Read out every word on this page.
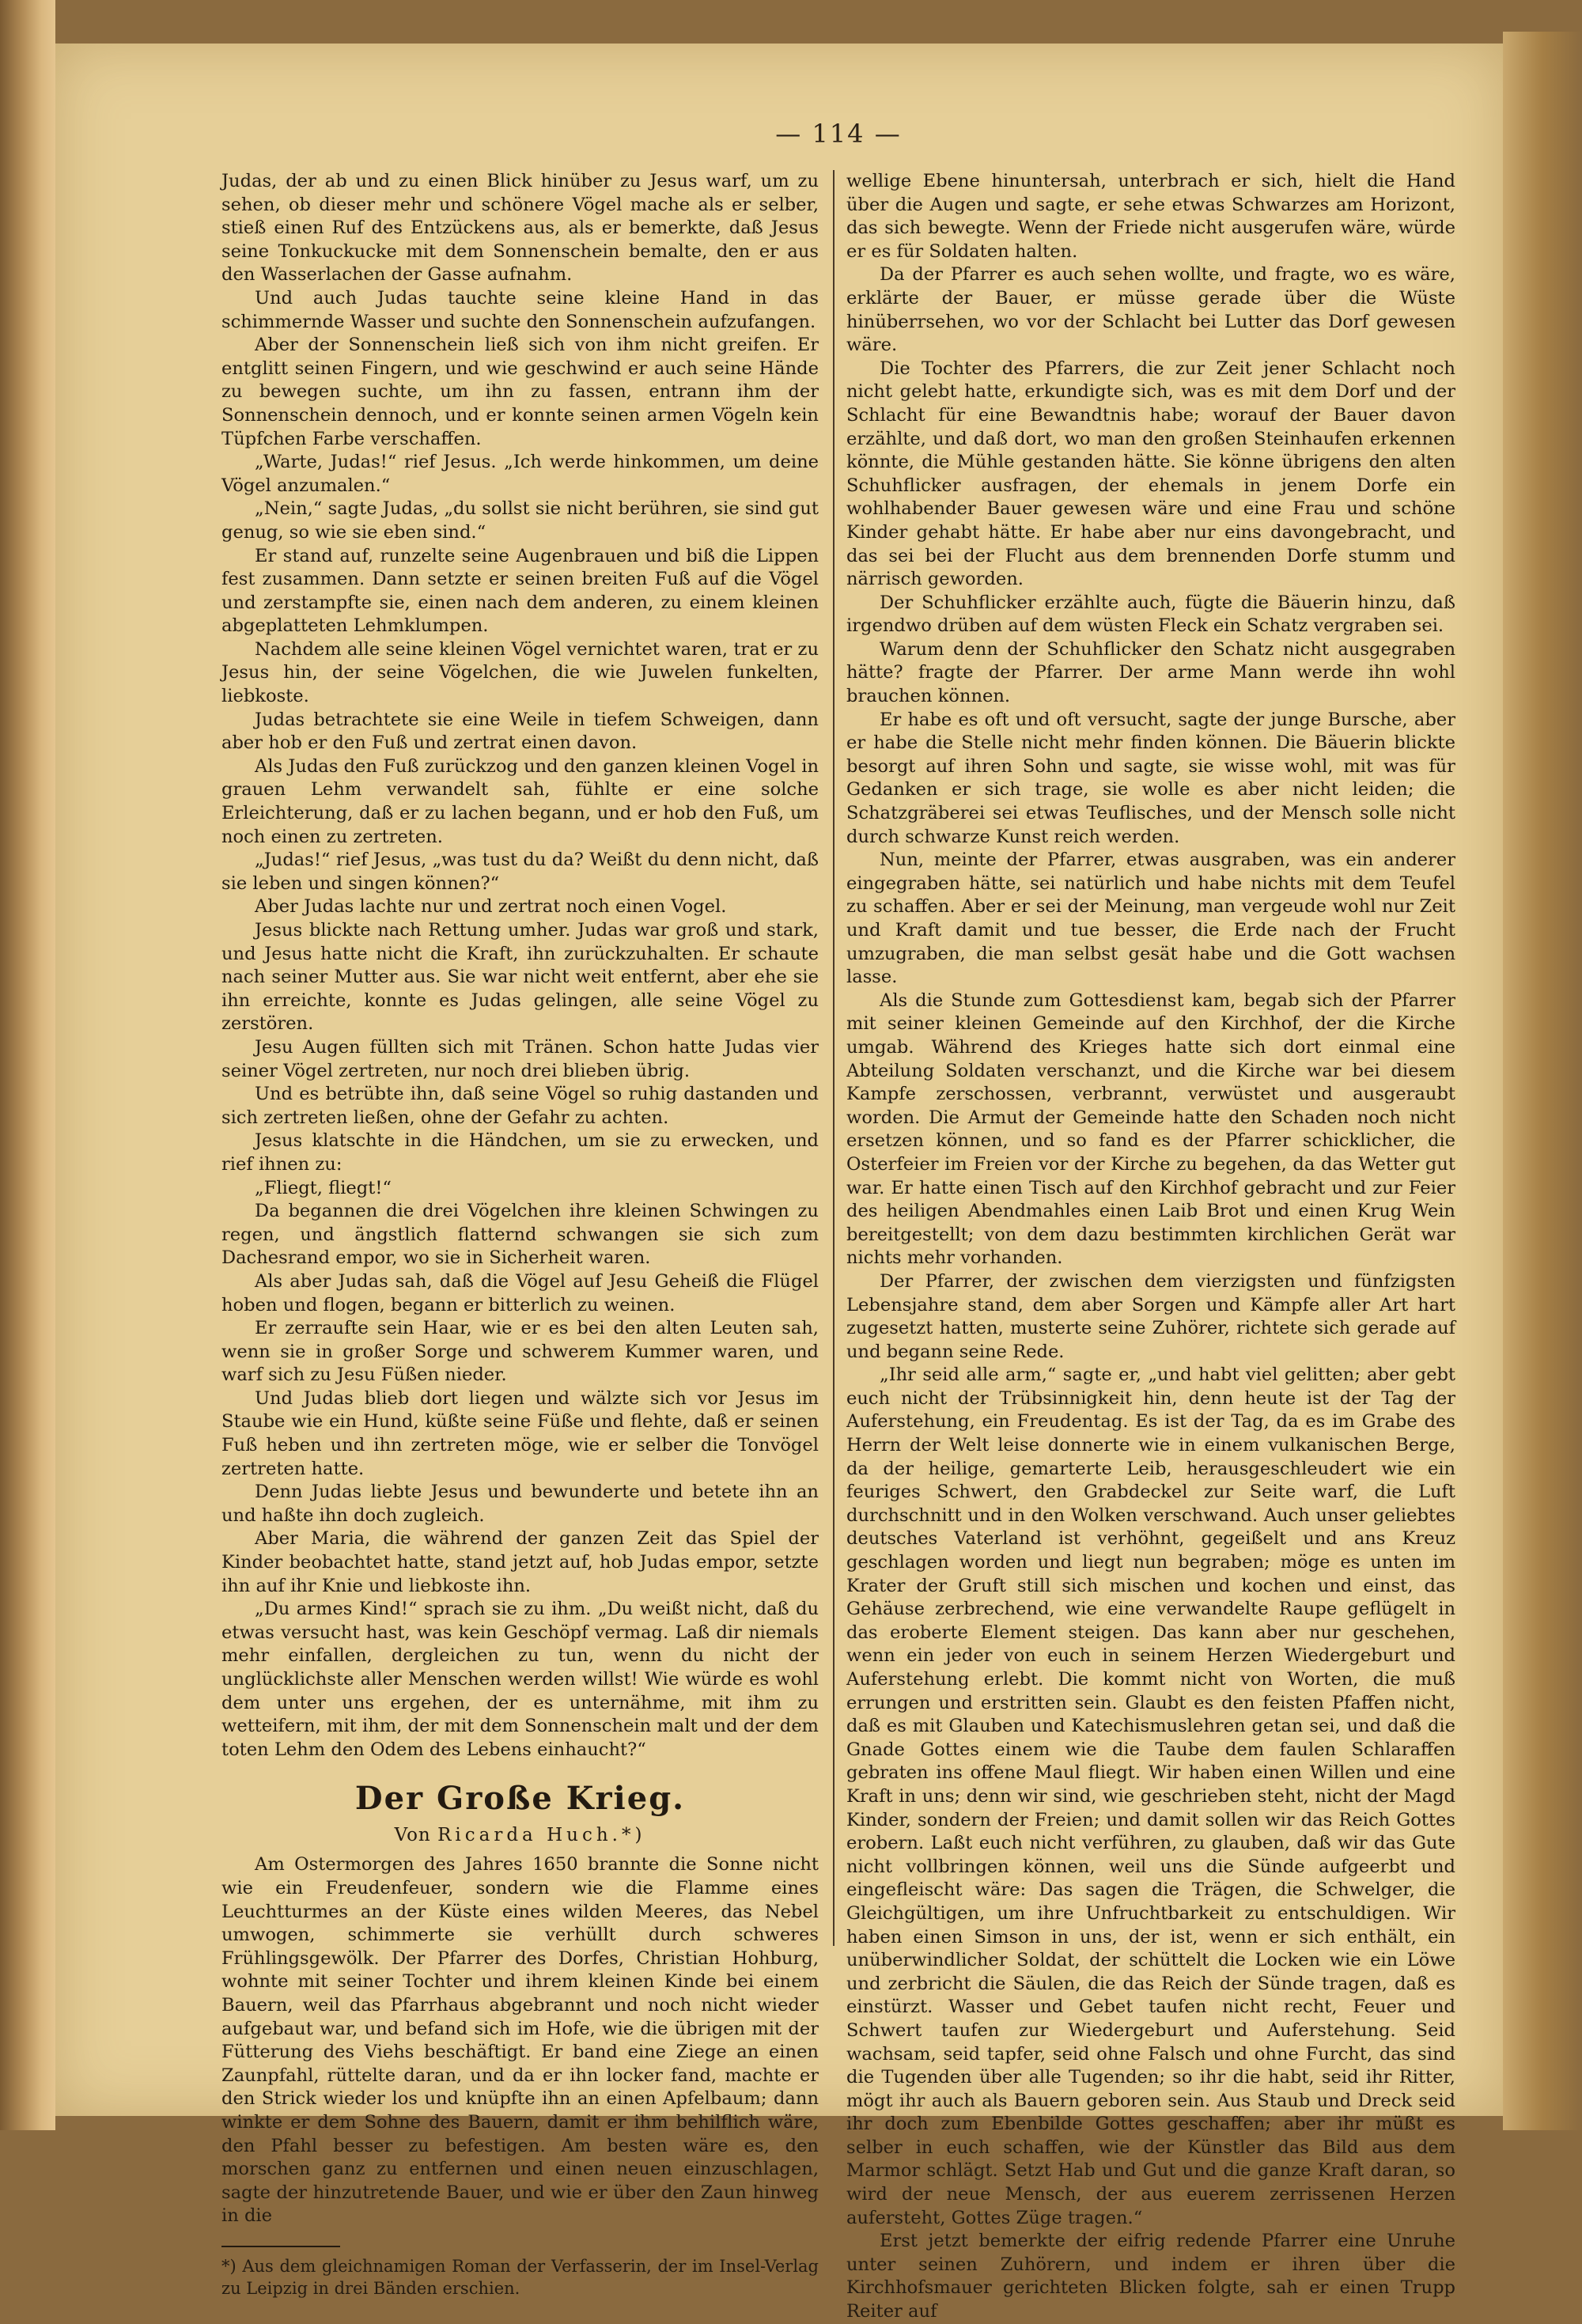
— 114 —

Judas, der ab und zu einen Blick hinüber zu Jesus warf, um zu sehen, ob dieser mehr und schönere Vögel mache als er selber, stieß einen Ruf des Entzückens aus, als er bemerkte, daß Jesus seine Tonkuckucke mit dem Sonnenschein bemalte, den er aus den Wasserlachen der Gasse aufnahm.

Und auch Judas tauchte seine kleine Hand in das schimmernde Wasser und suchte den Sonnenschein aufzufangen.

Aber der Sonnenschein ließ sich von ihm nicht greifen. Er entglitt seinen Fingern, und wie geschwind er auch seine Hände zu bewegen suchte, um ihn zu fassen, entrann ihm der Sonnenschein dennoch, und er konnte seinen armen Vögeln kein Tüpfchen Farbe verschaffen.

„Warte, Judas!“ rief Jesus. „Ich werde hinkommen, um deine Vögel anzumalen.“

„Nein,“ sagte Judas, „du sollst sie nicht berühren, sie sind gut genug, so wie sie eben sind.“

Er stand auf, runzelte seine Augenbrauen und biß die Lippen fest zusammen. Dann setzte er seinen breiten Fuß auf die Vögel und zerstampfte sie, einen nach dem anderen, zu einem kleinen abgeplatteten Lehmklumpen.

Nachdem alle seine kleinen Vögel vernichtet waren, trat er zu Jesus hin, der seine Vögelchen, die wie Juwelen funkelten, liebkoste.

Judas betrachtete sie eine Weile in tiefem Schweigen, dann aber hob er den Fuß und zertrat einen davon.

Als Judas den Fuß zurückzog und den ganzen kleinen Vogel in grauen Lehm verwandelt sah, fühlte er eine solche Erleichterung, daß er zu lachen begann, und er hob den Fuß, um noch einen zu zertreten.

„Judas!“ rief Jesus, „was tust du da? Weißt du denn nicht, daß sie leben und singen können?“

Aber Judas lachte nur und zertrat noch einen Vogel.

Jesus blickte nach Rettung umher. Judas war groß und stark, und Jesus hatte nicht die Kraft, ihn zurückzuhalten. Er schaute nach seiner Mutter aus. Sie war nicht weit entfernt, aber ehe sie ihn erreichte, konnte es Judas gelingen, alle seine Vögel zu zerstören.

Jesu Augen füllten sich mit Tränen. Schon hatte Judas vier seiner Vögel zertreten, nur noch drei blieben übrig.

Und es betrübte ihn, daß seine Vögel so ruhig dastanden und sich zertreten ließen, ohne der Gefahr zu achten.

Jesus klatschte in die Händchen, um sie zu erwecken, und rief ihnen zu:

„Fliegt, fliegt!“

Da begannen die drei Vögelchen ihre kleinen Schwingen zu regen, und ängstlich flatternd schwangen sie sich zum Dachesrand empor, wo sie in Sicherheit waren.

Als aber Judas sah, daß die Vögel auf Jesu Geheiß die Flügel hoben und flogen, begann er bitterlich zu weinen.

Er zerraufte sein Haar, wie er es bei den alten Leuten sah, wenn sie in großer Sorge und schwerem Kummer waren, und warf sich zu Jesu Füßen nieder.

Und Judas blieb dort liegen und wälzte sich vor Jesus im Staube wie ein Hund, küßte seine Füße und flehte, daß er seinen Fuß heben und ihn zertreten möge, wie er selber die Tonvögel zertreten hatte.

Denn Judas liebte Jesus und bewunderte und betete ihn an und haßte ihn doch zugleich.

Aber Maria, die während der ganzen Zeit das Spiel der Kinder beobachtet hatte, stand jetzt auf, hob Judas empor, setzte ihn auf ihr Knie und liebkoste ihn.

„Du armes Kind!“ sprach sie zu ihm. „Du weißt nicht, daß du etwas versucht hast, was kein Geschöpf vermag. Laß dir niemals mehr einfallen, dergleichen zu tun, wenn du nicht der unglücklichste aller Menschen werden willst! Wie würde es wohl dem unter uns ergehen, der es unternähme, mit ihm zu wetteifern, mit ihm, der mit dem Sonnenschein malt und der dem toten Lehm den Odem des Lebens einhaucht?“

Der Große Krieg.
Von Ricarda Huch.*)

Am Ostermorgen des Jahres 1650 brannte die Sonne nicht wie ein Freudenfeuer, sondern wie die Flamme eines Leuchtturmes an der Küste eines wilden Meeres, das Nebel umwogen, schimmerte sie verhüllt durch schweres Frühlingsgewölk. Der Pfarrer des Dorfes, Christian Hohburg, wohnte mit seiner Tochter und ihrem kleinen Kinde bei einem Bauern, weil das Pfarrhaus abgebrannt und noch nicht wieder aufgebaut war, und befand sich im Hofe, wie die übrigen mit der Fütterung des Viehs beschäftigt. Er band eine Ziege an einen Zaunpfahl, rüttelte daran, und da er ihn locker fand, machte er den Strick wieder los und knüpfte ihn an einen Apfelbaum; dann winkte er dem Sohne des Bauern, damit er ihm behilflich wäre, den Pfahl besser zu befestigen. Am besten wäre es, den morschen ganz zu entfernen und einen neuen einzuschlagen, sagte der hinzutretende Bauer, und wie er über den Zaun hinweg in die

*) Aus dem gleichnamigen Roman der Verfasserin, der im Insel-Verlag zu Leipzig in drei Bänden erschien.

wellige Ebene hinuntersah, unterbrach er sich, hielt die Hand über die Augen und sagte, er sehe etwas Schwarzes am Horizont, das sich bewegte. Wenn der Friede nicht ausgerufen wäre, würde er es für Soldaten halten.

Da der Pfarrer es auch sehen wollte, und fragte, wo es wäre, erklärte der Bauer, er müsse gerade über die Wüste hinüberrsehen, wo vor der Schlacht bei Lutter das Dorf gewesen wäre.

Die Tochter des Pfarrers, die zur Zeit jener Schlacht noch nicht gelebt hatte, erkundigte sich, was es mit dem Dorf und der Schlacht für eine Bewandtnis habe; worauf der Bauer davon erzählte, und daß dort, wo man den großen Steinhaufen erkennen könnte, die Mühle gestanden hätte. Sie könne übrigens den alten Schuhflicker ausfragen, der ehemals in jenem Dorfe ein wohlhabender Bauer gewesen wäre und eine Frau und schöne Kinder gehabt hätte. Er habe aber nur eins davongebracht, und das sei bei der Flucht aus dem brennenden Dorfe stumm und närrisch geworden.

Der Schuhflicker erzählte auch, fügte die Bäuerin hinzu, daß irgendwo drüben auf dem wüsten Fleck ein Schatz vergraben sei.

Warum denn der Schuhflicker den Schatz nicht ausgegraben hätte? fragte der Pfarrer. Der arme Mann werde ihn wohl brauchen können.

Er habe es oft und oft versucht, sagte der junge Bursche, aber er habe die Stelle nicht mehr finden können. Die Bäuerin blickte besorgt auf ihren Sohn und sagte, sie wisse wohl, mit was für Gedanken er sich trage, sie wolle es aber nicht leiden; die Schatzgräberei sei etwas Teuflisches, und der Mensch solle nicht durch schwarze Kunst reich werden.

Nun, meinte der Pfarrer, etwas ausgraben, was ein anderer eingegraben hätte, sei natürlich und habe nichts mit dem Teufel zu schaffen. Aber er sei der Meinung, man vergeude wohl nur Zeit und Kraft damit und tue besser, die Erde nach der Frucht umzugraben, die man selbst gesät habe und die Gott wachsen lasse.

Als die Stunde zum Gottesdienst kam, begab sich der Pfarrer mit seiner kleinen Gemeinde auf den Kirchhof, der die Kirche umgab. Während des Krieges hatte sich dort einmal eine Abteilung Soldaten verschanzt, und die Kirche war bei diesem Kampfe zerschossen, verbrannt, verwüstet und ausgeraubt worden. Die Armut der Gemeinde hatte den Schaden noch nicht ersetzen können, und so fand es der Pfarrer schicklicher, die Osterfeier im Freien vor der Kirche zu begehen, da das Wetter gut war. Er hatte einen Tisch auf den Kirchhof gebracht und zur Feier des heiligen Abendmahles einen Laib Brot und einen Krug Wein bereitgestellt; von dem dazu bestimmten kirchlichen Gerät war nichts mehr vorhanden.

Der Pfarrer, der zwischen dem vierzigsten und fünfzigsten Lebensjahre stand, dem aber Sorgen und Kämpfe aller Art hart zugesetzt hatten, musterte seine Zuhörer, richtete sich gerade auf und begann seine Rede.

„Ihr seid alle arm,“ sagte er, „und habt viel gelitten; aber gebt euch nicht der Trübsinnigkeit hin, denn heute ist der Tag der Auferstehung, ein Freudentag. Es ist der Tag, da es im Grabe des Herrn der Welt leise donnerte wie in einem vulkanischen Berge, da der heilige, gemarterte Leib, herausgeschleudert wie ein feuriges Schwert, den Grabdeckel zur Seite warf, die Luft durchschnitt und in den Wolken verschwand. Auch unser geliebtes deutsches Vaterland ist verhöhnt, gegeißelt und ans Kreuz geschlagen worden und liegt nun begraben; möge es unten im Krater der Gruft still sich mischen und kochen und einst, das Gehäuse zerbrechend, wie eine verwandelte Raupe geflügelt in das eroberte Element steigen. Das kann aber nur geschehen, wenn ein jeder von euch in seinem Herzen Wiedergeburt und Auferstehung erlebt. Die kommt nicht von Worten, die muß errungen und erstritten sein. Glaubt es den feisten Pfaffen nicht, daß es mit Glauben und Katechismuslehren getan sei, und daß die Gnade Gottes einem wie die Taube dem faulen Schlaraffen gebraten ins offene Maul fliegt. Wir haben einen Willen und eine Kraft in uns; denn wir sind, wie geschrieben steht, nicht der Magd Kinder, sondern der Freien; und damit sollen wir das Reich Gottes erobern. Laßt euch nicht verführen, zu glauben, daß wir das Gute nicht vollbringen können, weil uns die Sünde aufgeerbt und eingefleischt wäre: Das sagen die Trägen, die Schwelger, die Gleichgültigen, um ihre Unfruchtbarkeit zu entschuldigen. Wir haben einen Simson in uns, der ist, wenn er sich enthält, ein unüberwindlicher Soldat, der schüttelt die Locken wie ein Löwe und zerbricht die Säulen, die das Reich der Sünde tragen, daß es einstürzt. Wasser und Gebet taufen nicht recht, Feuer und Schwert taufen zur Wiedergeburt und Auferstehung. Seid wachsam, seid tapfer, seid ohne Falsch und ohne Furcht, das sind die Tugenden über alle Tugenden; so ihr die habt, seid ihr Ritter, mögt ihr auch als Bauern geboren sein. Aus Staub und Dreck seid ihr doch zum Ebenbilde Gottes geschaffen; aber ihr müßt es selber in euch schaffen, wie der Künstler das Bild aus dem Marmor schlägt. Setzt Hab und Gut und die ganze Kraft daran, so wird der neue Mensch, der aus euerem zerrissenen Herzen aufersteht, Gottes Züge tragen.“

Erst jetzt bemerkte der eifrig redende Pfarrer eine Unruhe unter seinen Zuhörern, und indem er ihren über die Kirchhofsmauer gerichteten Blicken folgte, sah er einen Trupp Reiter auf
